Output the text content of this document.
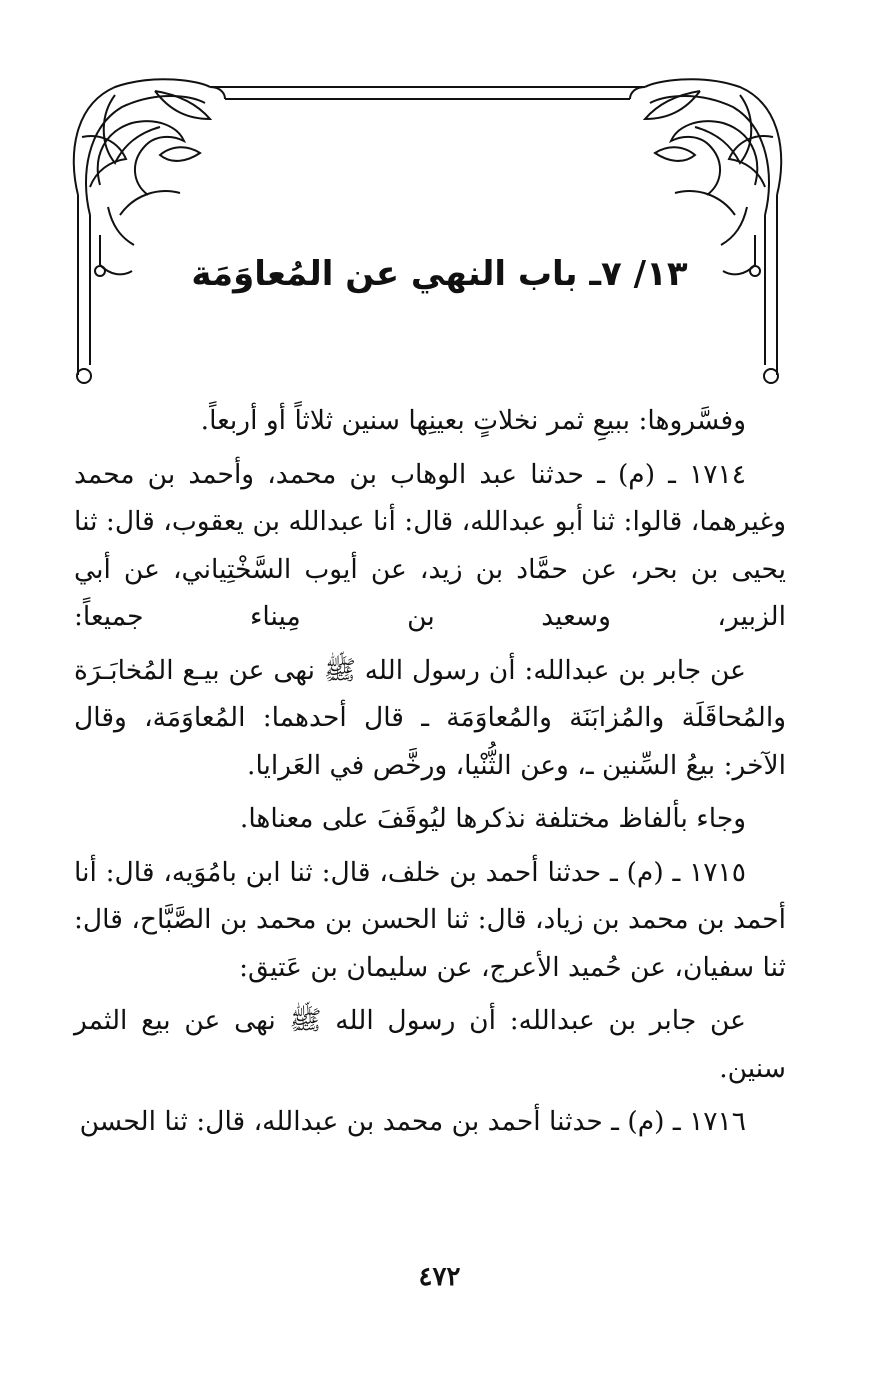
١٣/ ٧ـ باب النهي عن المُعاوَمَة

وفسَّروها: ببيعِ ثمر نخلاتٍ بعينِها سنين ثلاثاً أو أربعاً.

١٧١٤ ـ (م) ـ حدثنا عبد الوهاب بن محمد، وأحمد بن محمد وغيرهما، قالوا: ثنا أبو عبدالله، قال: أنا عبدالله بن يعقوب، قال: ثنا يحيى بن بحر، عن حمَّاد بن زيد، عن أيوب السَّخْتِياني، عن أبي الزبير، وسعيد بن مِيناء جميعاً:

عن جابر بن عبدالله: أن رسول الله ﷺ نهى عن بيـع المُخابَـرَة والمُحاقَلَة والمُزابَنَة والمُعاوَمَة ـ قال أحدهما: المُعاوَمَة، وقال الآخر: بيعُ السِّنين ـ، وعن الثُّنْيا، ورخَّص في العَرايا.

وجاء بألفاظ مختلفة نذكرها ليُوقَفَ على معناها.

١٧١٥ ـ (م) ـ حدثنا أحمد بن خلف، قال: ثنا ابن بامُوَيه، قال: أنا أحمد بن محمد بن زياد، قال: ثنا الحسن بن محمد بن الصَّبَّاح، قال: ثنا سفيان، عن حُميد الأعرج، عن سليمان بن عَتيق:

عن جابر بن عبدالله: أن رسول الله ﷺ نهى عن بيع الثمر سنين.

١٧١٦ ـ (م) ـ حدثنا أحمد بن محمد بن عبدالله، قال: ثنا الحسن

٤٧٢
